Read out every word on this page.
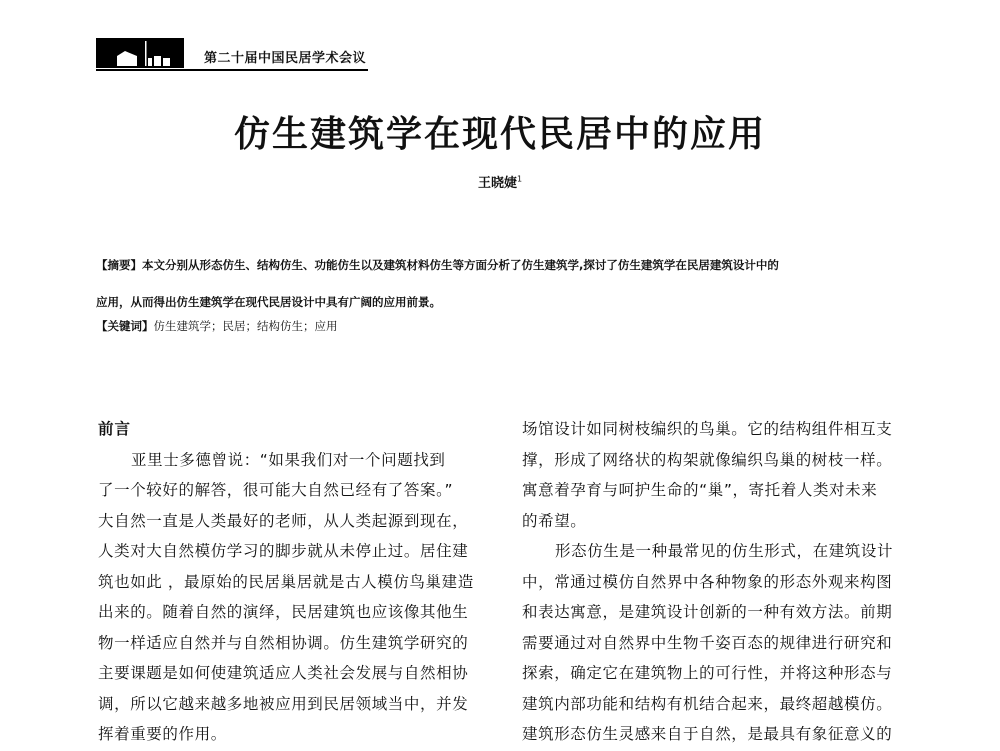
第二十届中国民居学术会议
仿生建筑学在现代民居中的应用
王晓婕$^1$
【摘要】本文分别从形态仿生、结构仿生、功能仿生以及建筑材料仿生等方面分析了仿生建筑学,探讨了仿生建筑学在民居建筑设计中的
应用，从而得出仿生建筑学在现代民居设计中具有广阔的应用前景。
【关键词】仿生建筑学；民居；结构仿生；应用
前言
亚里士多德曾说：“如果我们对一个问题找到
了一个较好的解答，很可能大自然已经有了答案。”
大自然一直是人类最好的老师，从人类起源到现在，
人类对大自然模仿学习的脚步就从未停止过。居住建
筑也如此 ，最原始的民居巢居就是古人模仿鸟巢建造
出来的。随着自然的演绎，民居建筑也应该像其他生
物一样适应自然并与自然相协调。仿生建筑学研究的
主要课题是如何使建筑适应人类社会发展与自然相协
调，所以它越来越多地被应用到民居领域当中，并发
挥着重要的作用。
场馆设计如同树枝编织的鸟巢。它的结构组件相互支
撑，形成了网络状的构架就像编织鸟巢的树枝一样。
寓意着孕育与呵护生命的“巢”，寄托着人类对未来
的希望。
形态仿生是一种最常见的仿生形式，在建筑设计
中，常通过模仿自然界中各种物象的形态外观来构图
和表达寓意，是建筑设计创新的一种有效方法。前期
需要通过对自然界中生物千姿百态的规律进行研究和
探索，确定它在建筑物上的可行性，并将这种形态与
建筑内部功能和结构有机结合起来，最终超越模仿。
建筑形态仿生灵感来自于自然，是最具有象征意义的
